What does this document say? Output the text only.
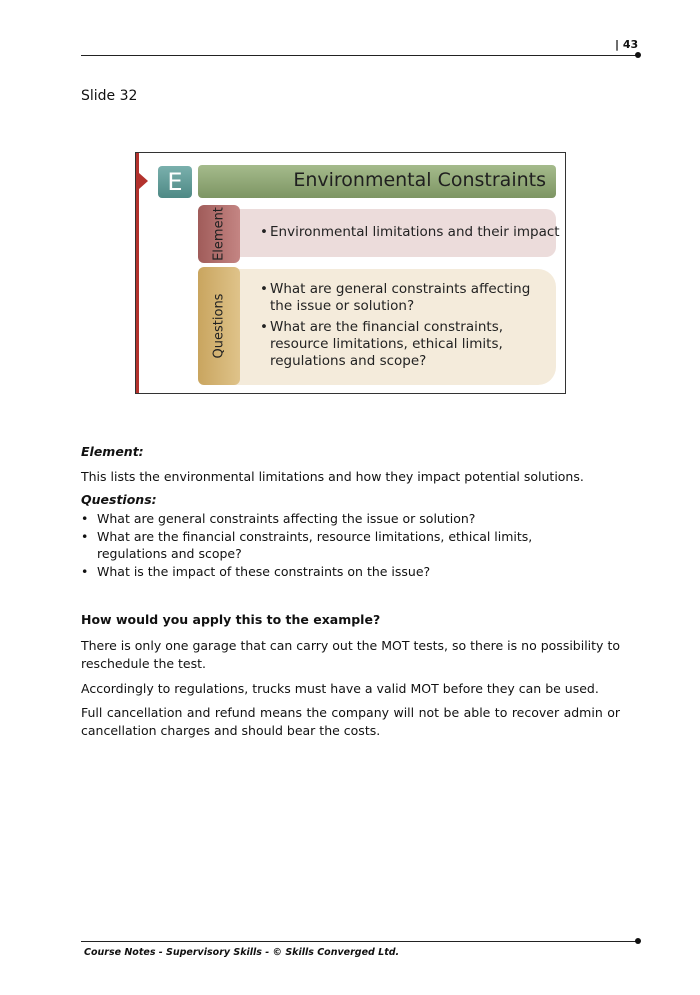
| 43
Slide 32
E	Environmental Constraints
• Environmental limitations and their impact
Element
• What are general constraints affecting the issue or solution?
• What are the financial constraints, resource limitations, ethical limits, regulations and scope?
Questions
Element:
This lists the environmental limitations and how they impact potential solutions.
Questions:
• What are general constraints affecting the issue or solution?
• What are the financial constraints, resource limitations, ethical limits, regulations and scope?
• What is the impact of these constraints on the issue?
How would you apply this to the example?
There is only one garage that can carry out the MOT tests, so there is no possibility to reschedule the test.
Accordingly to regulations, trucks must have a valid MOT before they can be used.
Full cancellation and refund means the company will not be able to recover admin or cancellation charges and should bear the costs.
Course Notes - Supervisory Skills - © Skills Converged Ltd.
